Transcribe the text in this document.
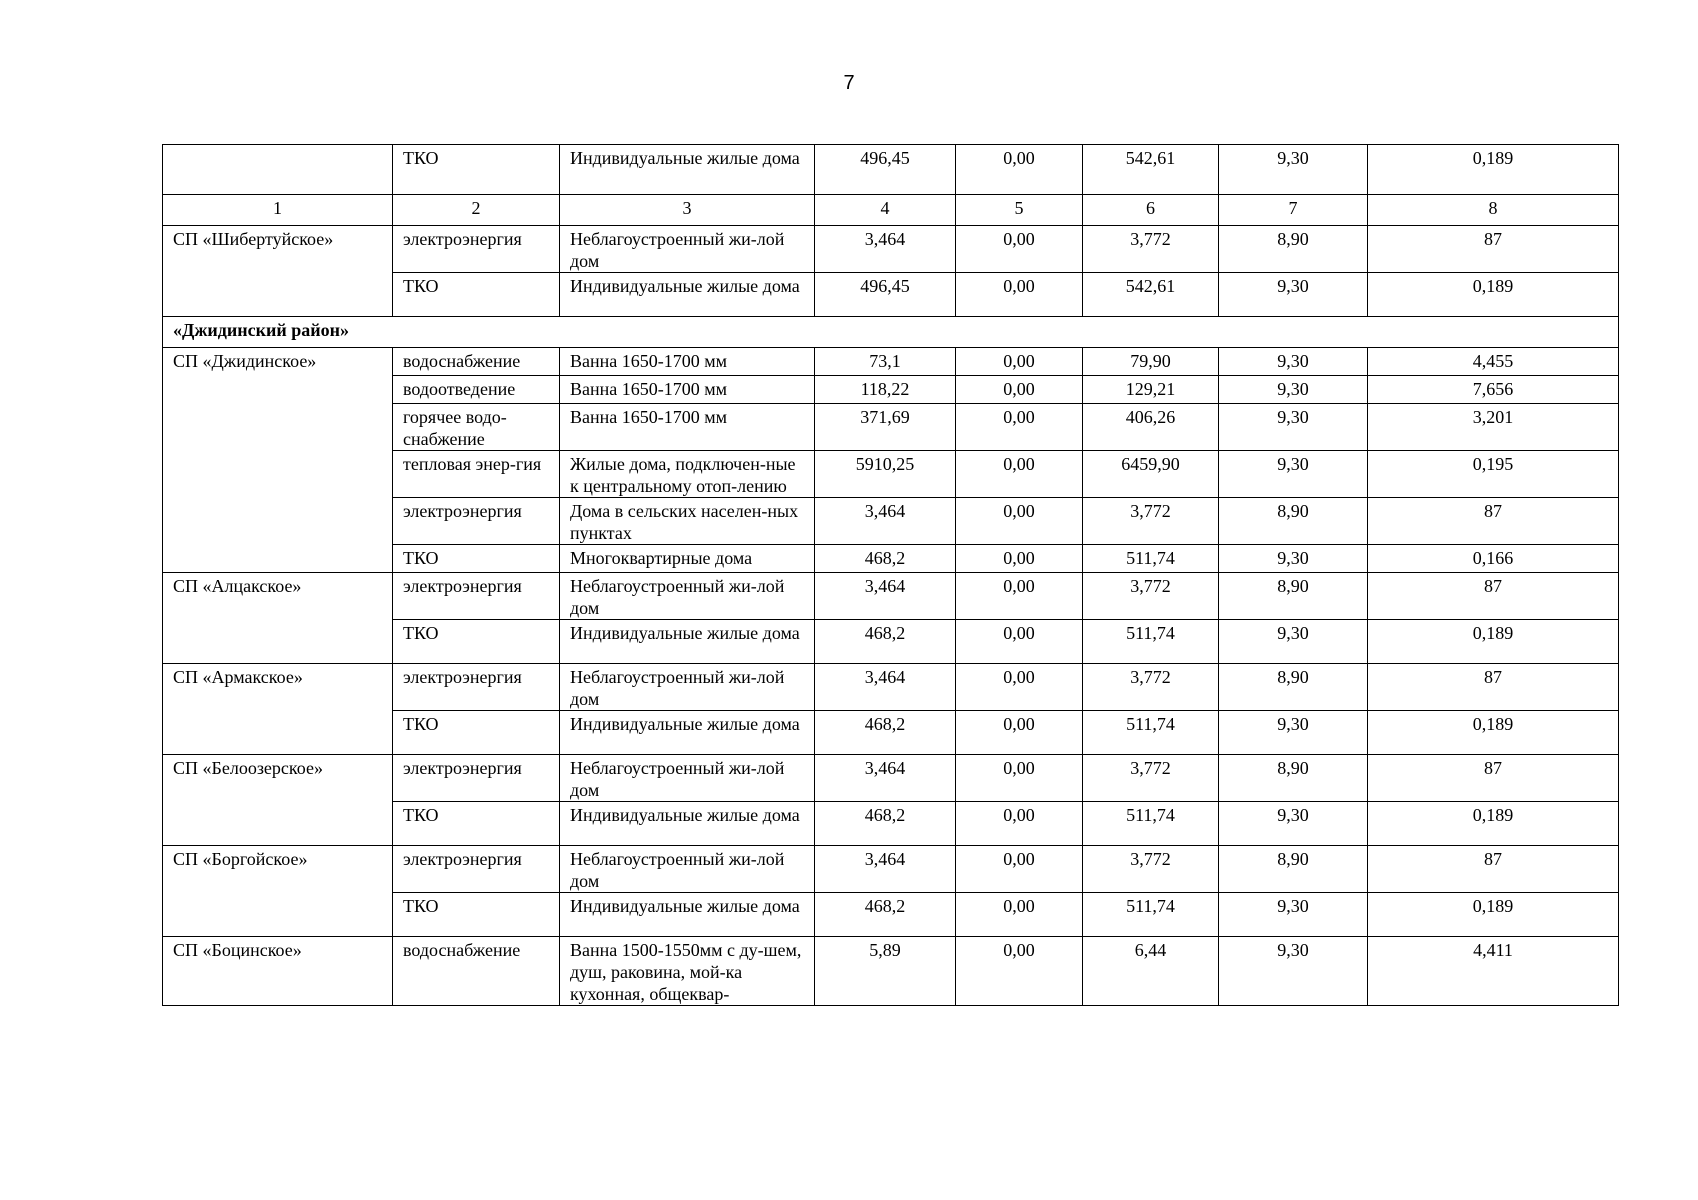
7
	ТКО	Индивидуальные жилые дома	496,45	0,00	542,61	9,30	0,189
1	2	3	4	5	6	7	8
СП «Шибертуйское»	электроэнергия	Неблагоустроенный жи-лой дом	3,464	0,00	3,772	8,90	87
	ТКО	Индивидуальные жилые дома	496,45	0,00	542,61	9,30	0,189
«Джидинский район»							
СП «Джидинское»	водоснабжение	Ванна 1650-1700 мм	73,1	0,00	79,90	9,30	4,455
	водоотведение	Ванна 1650-1700 мм	118,22	0,00	129,21	9,30	7,656
	горячее водо-снабжение	Ванна 1650-1700 мм	371,69	0,00	406,26	9,30	3,201
	тепловая энер-гия	Жилые дома, подключен-ные к центральному отоп-лению	5910,25	0,00	6459,90	9,30	0,195
	электроэнергия	Дома в сельских населен-ных пунктах	3,464	0,00	3,772	8,90	87
	ТКО	Многоквартирные дома	468,2	0,00	511,74	9,30	0,166
СП «Алцакское»	электроэнергия	Неблагоустроенный жи-лой дом	3,464	0,00	3,772	8,90	87
	ТКО	Индивидуальные жилые дома	468,2	0,00	511,74	9,30	0,189
СП «Армакское»	электроэнергия	Неблагоустроенный жи-лой дом	3,464	0,00	3,772	8,90	87
	ТКО	Индивидуальные жилые дома	468,2	0,00	511,74	9,30	0,189
СП «Белоозерское»	электроэнергия	Неблагоустроенный жи-лой дом	3,464	0,00	3,772	8,90	87
	ТКО	Индивидуальные жилые дома	468,2	0,00	511,74	9,30	0,189
СП «Боргойское»	электроэнергия	Неблагоустроенный жи-лой дом	3,464	0,00	3,772	8,90	87
	ТКО	Индивидуальные жилые дома	468,2	0,00	511,74	9,30	0,189
СП «Боцинское»	водоснабжение	Ванна 1500-1550мм с ду-шем, душ, раковина, мой-ка кухонная, общеквар-	5,89	0,00	6,44	9,30	4,411
